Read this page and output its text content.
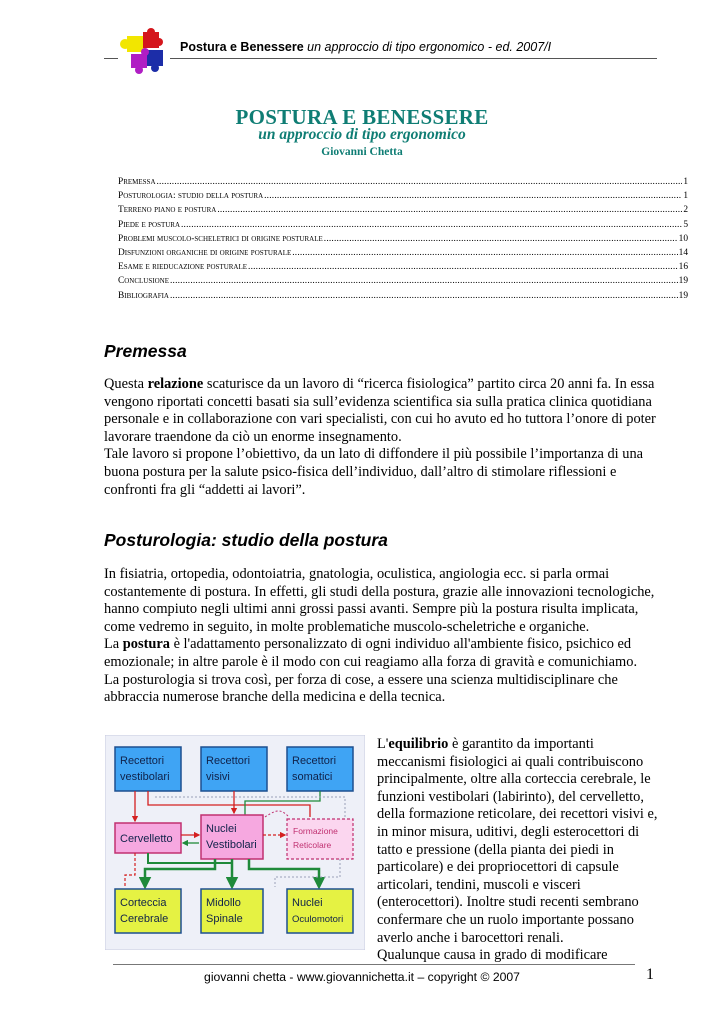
Postura e Benessere un approccio di tipo ergonomico - ed. 2007/I
POSTURA E BENESSERE
un approccio di tipo ergonomico
Giovanni Chetta
Premessa .....	1
Posturologia: studio della postura .....	1
Terreno piano e postura .....	2
Piede e postura .....	5
Problemi muscolo-scheletrici di origine posturale .....	10
Disfunzioni organiche di origine posturale .....	14
Esame e rieducazione posturale .....	16
Conclusione .....	19
Bibliografia .....	19
Premessa

Questa relazione scaturisce da un lavoro di “ricerca fisiologica” partito circa 20 anni fa. In essa vengono riportati concetti basati sia sull’evidenza scientifica sia sulla pratica clinica quotidiana personale e in collaborazione con vari specialisti, con cui ho avuto ed ho tuttora l’onore di poter lavorare traendone da ciò un enorme insegnamento.

Tale lavoro si propone l’obiettivo, da un lato di diffondere il più possibile l’importanza di una buona postura per la salute psico-fisica dell’individuo, dall’altro di stimolare riflessioni e confronti fra gli “addetti ai lavori”.

Posturologia: studio della postura

In fisiatria, ortopedia, odontoiatria, gnatologia, oculistica, angiologia ecc. si parla ormai costantemente di postura. In effetti, gli studi della postura, grazie alle innovazioni tecnologiche, hanno compiuto negli ultimi anni grossi passi avanti. Sempre più la postura risulta implicata, come vedremo in seguito, in molte problematiche muscolo-scheletriche e organiche.

La postura è l'adattamento personalizzato di ogni individuo all'ambiente fisico, psichico ed emozionale; in altre parole è il modo con cui reagiamo alla forza di gravità e comunichiamo.

La posturologia si trova così, per forza di cose, a essere una scienza multidisciplinare che abbraccia numerose branche della medicina e della tecnica.

Recettori
vestibolari
Recettori
visivi
Recettori
somatici
Cervelletto
Nuclei
Vestibolari
Formazione
Reticolare
Corteccia
Cerebrale
Midollo
Spinale
Nuclei
Oculomotori

L'equilibrio è garantito da importanti meccanismi fisiologici ai quali contribuiscono principalmente, oltre alla corteccia cerebrale, le funzioni vestibolari (labirinto), del cervelletto, della formazione reticolare, dei recettori visivi e, in minor misura, uditivi, degli esterocettori di tatto e pressione (della pianta dei piedi in particolare) e dei propriocettori di capsule articolari, tendini, muscoli e visceri (enterocettori). Inoltre studi recenti sembrano confermare che un ruolo importante possano averlo anche i barocettori renali.

Qualunque causa in grado di modificare

giovanni chetta - www.giovannichetta.it – copyright © 2007	1
